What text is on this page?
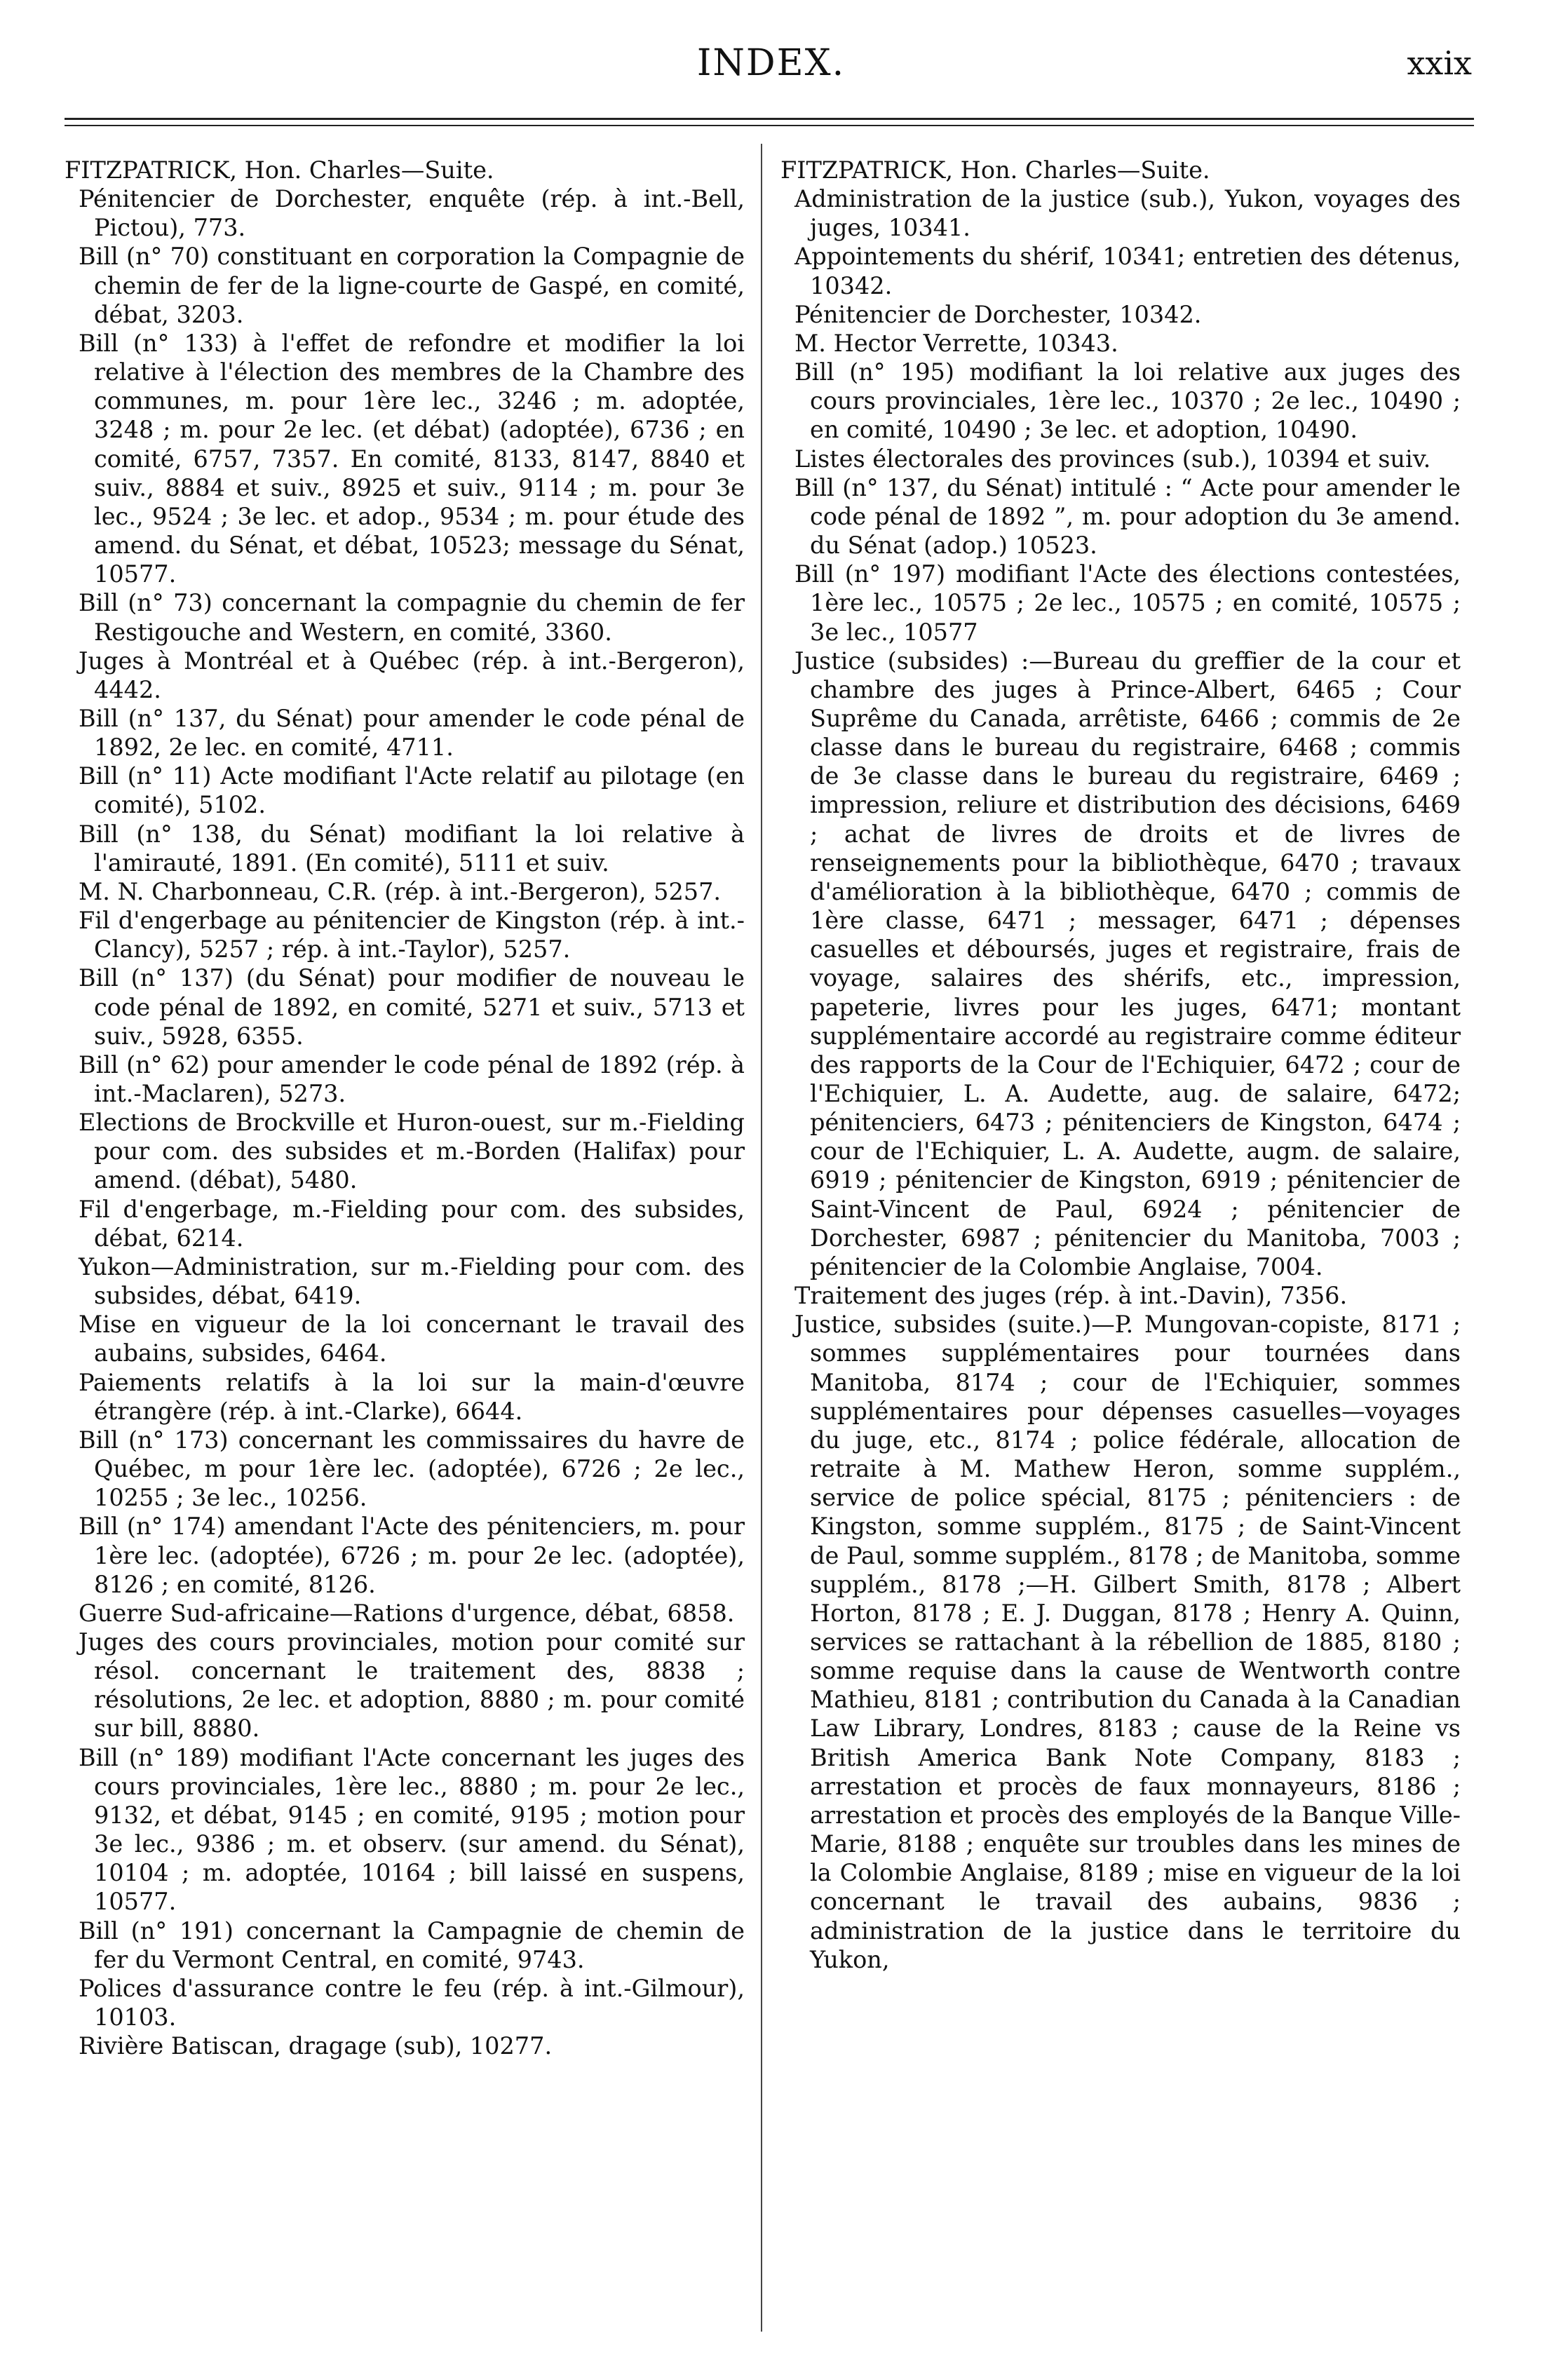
INDEX.	xxix

FITZPATRICK, Hon. Charles—Suite.

Pénitencier de Dorchester, enquête (rép. à int.-Bell, Pictou), 773.

Bill (n° 70) constituant en corporation la Compagnie de chemin de fer de la ligne-courte de Gaspé, en comité, débat, 3203.

Bill (n° 133) à l'effet de refondre et modifier la loi relative à l'élection des membres de la Chambre des communes, m. pour 1ère lec., 3246 ; m. adoptée, 3248 ; m. pour 2e lec. (et débat) (adoptée), 6736 ; en comité, 6757, 7357. En comité, 8133, 8147, 8840 et suiv., 8884 et suiv., 8925 et suiv., 9114 ; m. pour 3e lec., 9524 ; 3e lec. et adop., 9534 ; m. pour étude des amend. du Sénat, et débat, 10523; message du Sénat, 10577.

Bill (n° 73) concernant la compagnie du chemin de fer Restigouche and Western, en comité, 3360.

Juges à Montréal et à Québec (rép. à int.-Bergeron), 4442.

Bill (n° 137, du Sénat) pour amender le code pénal de 1892, 2e lec. en comité, 4711.

Bill (n° 11) Acte modifiant l'Acte relatif au pilotage (en comité), 5102.

Bill (n° 138, du Sénat) modifiant la loi relative à l'amirauté, 1891. (En comité), 5111 et suiv.

M. N. Charbonneau, C.R. (rép. à int.-Bergeron), 5257.

Fil d'engerbage au pénitencier de Kingston (rép. à int.-Clancy), 5257 ; rép. à int.-Taylor), 5257.

Bill (n° 137) (du Sénat) pour modifier de nouveau le code pénal de 1892, en comité, 5271 et suiv., 5713 et suiv., 5928, 6355.

Bill (n° 62) pour amender le code pénal de 1892 (rép. à int.-Maclaren), 5273.

Elections de Brockville et Huron-ouest, sur m.-Fielding pour com. des subsides et m.-Borden (Halifax) pour amend. (débat), 5480.

Fil d'engerbage, m.-Fielding pour com. des subsides, débat, 6214.

Yukon—Administration, sur m.-Fielding pour com. des subsides, débat, 6419.

Mise en vigueur de la loi concernant le travail des aubains, subsides, 6464.

Paiements relatifs à la loi sur la main-d'œuvre étrangère (rép. à int.-Clarke), 6644.

Bill (n° 173) concernant les commissaires du havre de Québec, m pour 1ère lec. (adoptée), 6726 ; 2e lec., 10255 ; 3e lec., 10256.

Bill (n° 174) amendant l'Acte des pénitenciers, m. pour 1ère lec. (adoptée), 6726 ; m. pour 2e lec. (adoptée), 8126 ; en comité, 8126.

Guerre Sud-africaine—Rations d'urgence, débat, 6858.

Juges des cours provinciales, motion pour comité sur résol. concernant le traitement des, 8838 ; résolutions, 2e lec. et adoption, 8880 ; m. pour comité sur bill, 8880.

Bill (n° 189) modifiant l'Acte concernant les juges des cours provinciales, 1ère lec., 8880 ; m. pour 2e lec., 9132, et débat, 9145 ; en comité, 9195 ; motion pour 3e lec., 9386 ; m. et observ. (sur amend. du Sénat), 10104 ; m. adoptée, 10164 ; bill laissé en suspens, 10577.

Bill (n° 191) concernant la Campagnie de chemin de fer du Vermont Central, en comité, 9743.

Polices d'assurance contre le feu (rép. à int.-Gilmour), 10103.

Rivière Batiscan, dragage (sub), 10277.

FITZPATRICK, Hon. Charles—Suite.

Administration de la justice (sub.), Yukon, voyages des juges, 10341.

Appointements du shérif, 10341; entretien des détenus, 10342.

Pénitencier de Dorchester, 10342.

M. Hector Verrette, 10343.

Bill (n° 195) modifiant la loi relative aux juges des cours provinciales, 1ère lec., 10370 ; 2e lec., 10490 ; en comité, 10490 ; 3e lec. et adoption, 10490.

Listes électorales des provinces (sub.), 10394 et suiv.

Bill (n° 137, du Sénat) intitulé : “ Acte pour amender le code pénal de 1892 ”, m. pour adoption du 3e amend. du Sénat (adop.) 10523.

Bill (n° 197) modifiant l'Acte des élections contestées, 1ère lec., 10575 ; 2e lec., 10575 ; en comité, 10575 ; 3e lec., 10577

Justice (subsides) :—Bureau du greffier de la cour et chambre des juges à Prince-Albert, 6465 ; Cour Suprême du Canada, arrêtiste, 6466 ; commis de 2e classe dans le bureau du registraire, 6468 ; commis de 3e classe dans le bureau du registraire, 6469 ; impression, reliure et distribution des décisions, 6469 ; achat de livres de droits et de livres de renseignements pour la bibliothèque, 6470 ; travaux d'amélioration à la bibliothèque, 6470 ; commis de 1ère classe, 6471 ; messager, 6471 ; dépenses casuelles et déboursés, juges et registraire, frais de voyage, salaires des shérifs, etc., impression, papeterie, livres pour les juges, 6471; montant supplémentaire accordé au registraire comme éditeur des rapports de la Cour de l'Echiquier, 6472 ; cour de l'Echiquier, L. A. Audette, aug. de salaire, 6472; pénitenciers, 6473 ; pénitenciers de Kingston, 6474 ; cour de l'Echiquier, L. A. Audette, augm. de salaire, 6919 ; pénitencier de Kingston, 6919 ; pénitencier de Saint-Vincent de Paul, 6924 ; pénitencier de Dorchester, 6987 ; pénitencier du Manitoba, 7003 ; pénitencier de la Colombie Anglaise, 7004.

Traitement des juges (rép. à int.-Davin), 7356.

Justice, subsides (suite.)—P. Mungovan-copiste, 8171 ; sommes supplémentaires pour tournées dans Manitoba, 8174 ; cour de l'Echiquier, sommes supplémentaires pour dépenses casuelles—voyages du juge, etc., 8174 ; police fédérale, allocation de retraite à M. Mathew Heron, somme supplém., service de police spécial, 8175 ; pénitenciers : de Kingston, somme supplém., 8175 ; de Saint-Vincent de Paul, somme supplém., 8178 ; de Manitoba, somme supplém., 8178 ;—H. Gilbert Smith, 8178 ; Albert Horton, 8178 ; E. J. Duggan, 8178 ; Henry A. Quinn, services se rattachant à la rébellion de 1885, 8180 ; somme requise dans la cause de Wentworth contre Mathieu, 8181 ; contribution du Canada à la Canadian Law Library, Londres, 8183 ; cause de la Reine vs British America Bank Note Company, 8183 ; arrestation et procès de faux monnayeurs, 8186 ; arrestation et procès des employés de la Banque Ville-Marie, 8188 ; enquête sur troubles dans les mines de la Colombie Anglaise, 8189 ; mise en vigueur de la loi concernant le travail des aubains, 9836 ; administration de la justice dans le territoire du Yukon,
